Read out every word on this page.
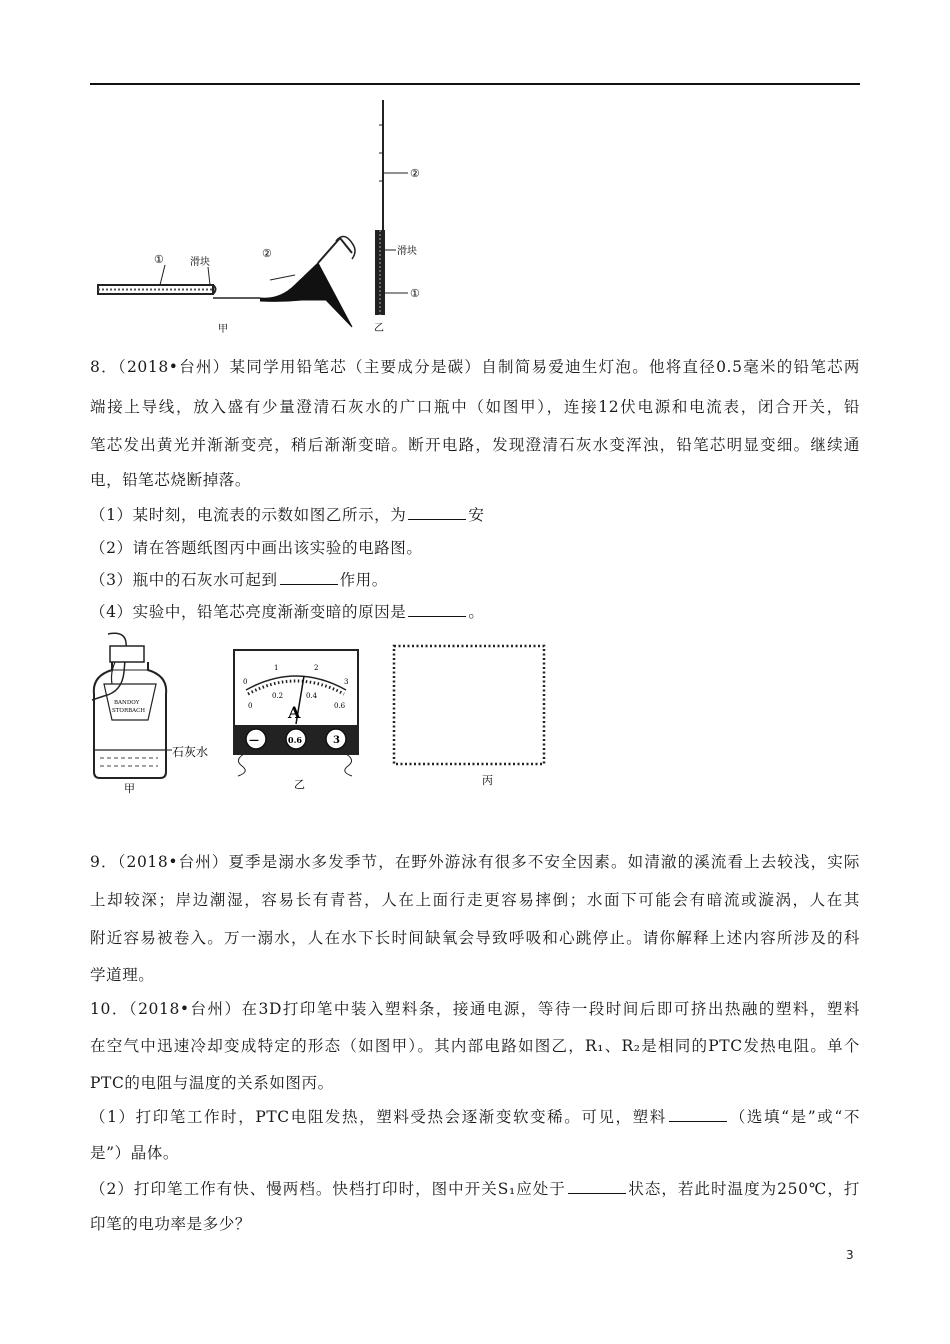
①	滑块
②
甲
②
滑块
①
乙
8．（2018•台州）某同学用铅笔芯（主要成分是碳）自制简易爱迪生灯泡。他将直径0.5毫米的铅笔芯两
端接上导线，放入盛有少量澄清石灰水的广口瓶中（如图甲），连接12伏电源和电流表，闭合开关，铅
笔芯发出黄光并渐渐变亮，稍后渐渐变暗。断开电路，发现澄清石灰水变浑浊，铅笔芯明显变细。继续通
电，铅笔芯烧断掉落。
（1）某时刻，电流表的示数如图乙所示，为	安
（2）请在答题纸图丙中画出该实验的电路图。
（3）瓶中的石灰水可起到	作用。
（4）实验中，铅笔芯亮度渐渐变暗的原因是	。
BANDOY
STORBACH
石灰水
甲
0
1	2
3
0
0.2	0.4
0.6
A
—	0.6	3
乙	丙
9．（2018•台州）夏季是溺水多发季节，在野外游泳有很多不安全因素。如清澈的溪流看上去较浅，实际
上却较深；岸边潮湿，容易长有青苔，人在上面行走更容易摔倒；水面下可能会有暗流或漩涡，人在其
附近容易被卷入。万一溺水，人在水下长时间缺氧会导致呼吸和心跳停止。请你解释上述内容所涉及的科
学道理。
10．（2018•台州）在3D打印笔中装入塑料条，接通电源，等待一段时间后即可挤出热融的塑料，塑料
在空气中迅速冷却变成特定的形态（如图甲）。其内部电路如图乙，R₁、R₂是相同的PTC发热电阻。单个
PTC的电阻与温度的关系如图丙。
（1）打印笔工作时，PTC电阻发热，塑料受热会逐渐变软变稀。可见，塑料	（选填“是”或“不
是”）晶体。
（2）打印笔工作有快、慢两档。快档打印时，图中开关S₁应处于	状态，若此时温度为250℃，打
印笔的电功率是多少？
3
